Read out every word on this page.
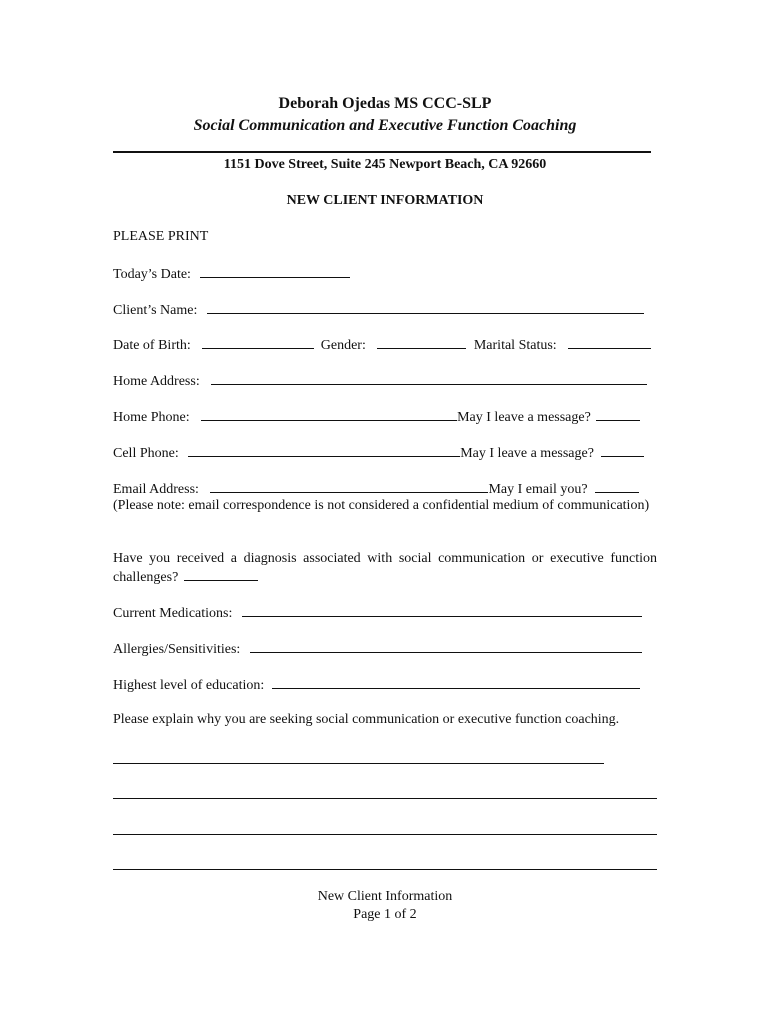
Deborah Ojedas MS CCC-SLP
Social Communication and Executive Function Coaching
1151 Dove Street, Suite 245 Newport Beach, CA 92660
NEW CLIENT INFORMATION
PLEASE PRINT
Today’s Date:
Client’s Name:
Date of Birth:	Gender:	Marital Status:
Home Address:
Home Phone:	May I leave a message?
Cell Phone:	May I leave a message?
Email Address:	May I email you?
(Please note: email correspondence is not considered a confidential medium of communication)
Have you received a diagnosis associated with social communication or executive function challenges?
Current Medications:
Allergies/Sensitivities:
Highest level of education:
Please explain why you are seeking social communication or executive function coaching.
New Client Information
Page 1 of 2
